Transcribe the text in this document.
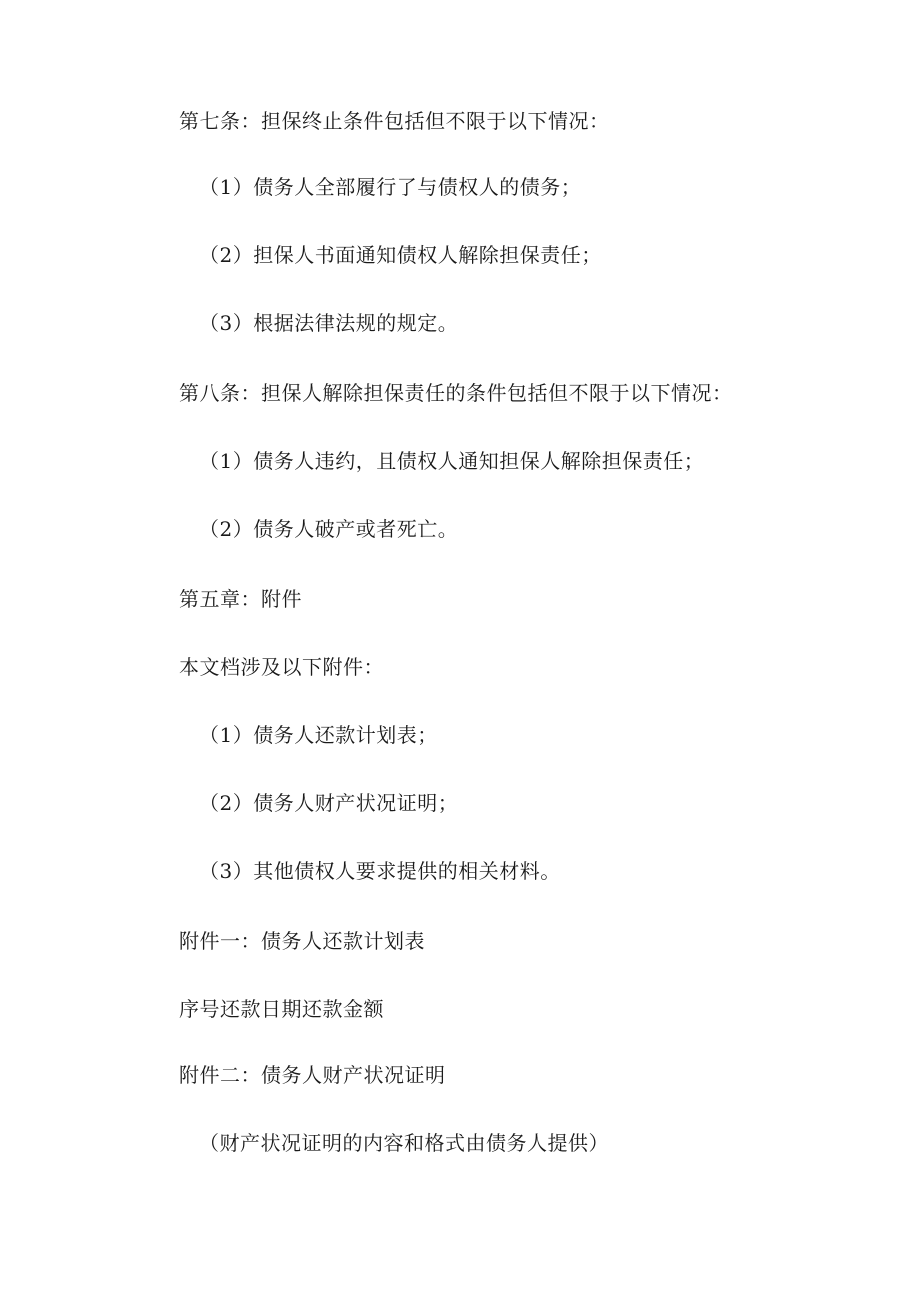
第七条：担保终止条件包括但不限于以下情况：
（1）债务人全部履行了与债权人的债务；
（2）担保人书面通知债权人解除担保责任；
（3）根据法律法规的规定。
第八条：担保人解除担保责任的条件包括但不限于以下情况：
（1）债务人违约，且债权人通知担保人解除担保责任；
（2）债务人破产或者死亡。
第五章：附件
本文档涉及以下附件：
（1）债务人还款计划表；
（2）债务人财产状况证明；
（3）其他债权人要求提供的相关材料。
附件一：债务人还款计划表
序号还款日期还款金额
附件二：债务人财产状况证明
（财产状况证明的内容和格式由债务人提供）
